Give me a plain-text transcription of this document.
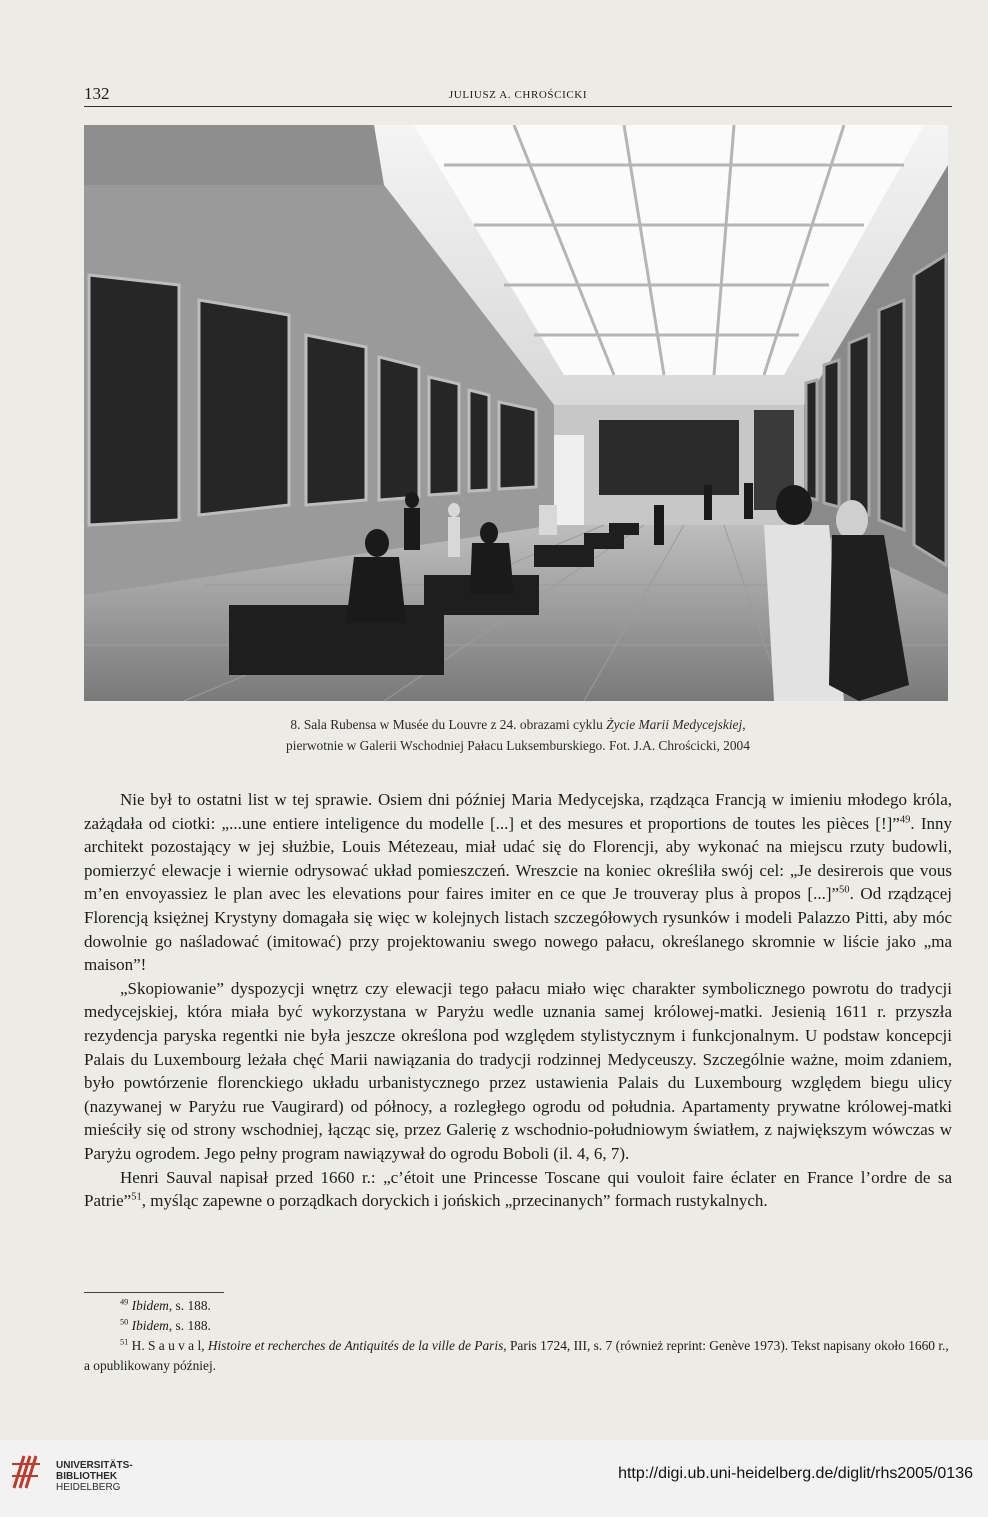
132	JULIUSZ A. CHROŚCICKI
8. Sala Rubensa w Musée du Louvre z 24. obrazami cyklu Życie Marii Medycejskiej,
pierwotnie w Galerii Wschodniej Pałacu Luksemburskiego. Fot. J.A. Chrościcki, 2004

Nie był to ostatni list w tej sprawie. Osiem dni później Maria Medycejska, rządząca Francją w imieniu młodego króla, zażądała od ciotki: „...une entiere inteligence du modelle [...] et des mesures et proportions de toutes les pièces [!]”$^{49}$. Inny architekt pozostający w jej służbie, Louis Métezeau, miał udać się do Florencji, aby wykonać na miejscu rzuty budowli, pomierzyć elewacje i wiernie odrysować układ pomieszczeń. Wreszcie na koniec określiła swój cel: „Je desirerois que vous m’en envoyassiez le plan avec les elevations pour faires imiter en ce que Je trouveray plus à propos [...]”$^{50}$. Od rządzącej Florencją księżnej Krystyny domagała się więc w kolejnych listach szczegółowych rysunków i modeli Palazzo Pitti, aby móc dowolnie go naśladować (imitować) przy projektowaniu swego nowego pałacu, określanego skromnie w liście jako „ma maison”!

„Skopiowanie” dyspozycji wnętrz czy elewacji tego pałacu miało więc charakter symbolicznego powrotu do tradycji medycejskiej, która miała być wykorzystana w Paryżu wedle uznania samej królowej-matki. Jesienią 1611 r. przyszła rezydencja paryska regentki nie była jeszcze określona pod względem stylistycznym i funkcjonalnym. U podstaw koncepcji Palais du Luxembourg leżała chęć Marii nawiązania do tradycji rodzinnej Medyceuszy. Szczególnie ważne, moim zdaniem, było powtórzenie florenckiego układu urbanistycznego przez ustawienia Palais du Luxembourg względem biegu ulicy (nazywanej w Paryżu rue Vaugirard) od północy, a rozległego ogrodu od południa. Apartamenty prywatne królowej-matki mieściły się od strony wschodniej, łącząc się, przez Galerię z wschodnio-południowym światłem, z największym wówczas w Paryżu ogrodem. Jego pełny program nawiązywał do ogrodu Boboli (il. 4, 6, 7).

Henri Sauval napisał przed 1660 r.: „c’étoit une Princesse Toscane qui vouloit faire éclater en France l’ordre de sa Patrie”$^{51}$, myśląc zapewne o porządkach doryckich i jońskich „przecinanych” formach rustykalnych.

$^{49}$ Ibidem, s. 188.

$^{50}$ Ibidem, s. 188.

$^{51}$ H. S a u v a l, Histoire et recherches de Antiquités de la ville de Paris, Paris 1724, III, s. 7 (również reprint: Genève 1973). Tekst napisany około 1660 r., a opublikowany później.

UNIVERSITÄTS-
BIBLIOTHEK
HEIDELBERG
http://digi.ub.uni-heidelberg.de/diglit/rhs2005/0136
